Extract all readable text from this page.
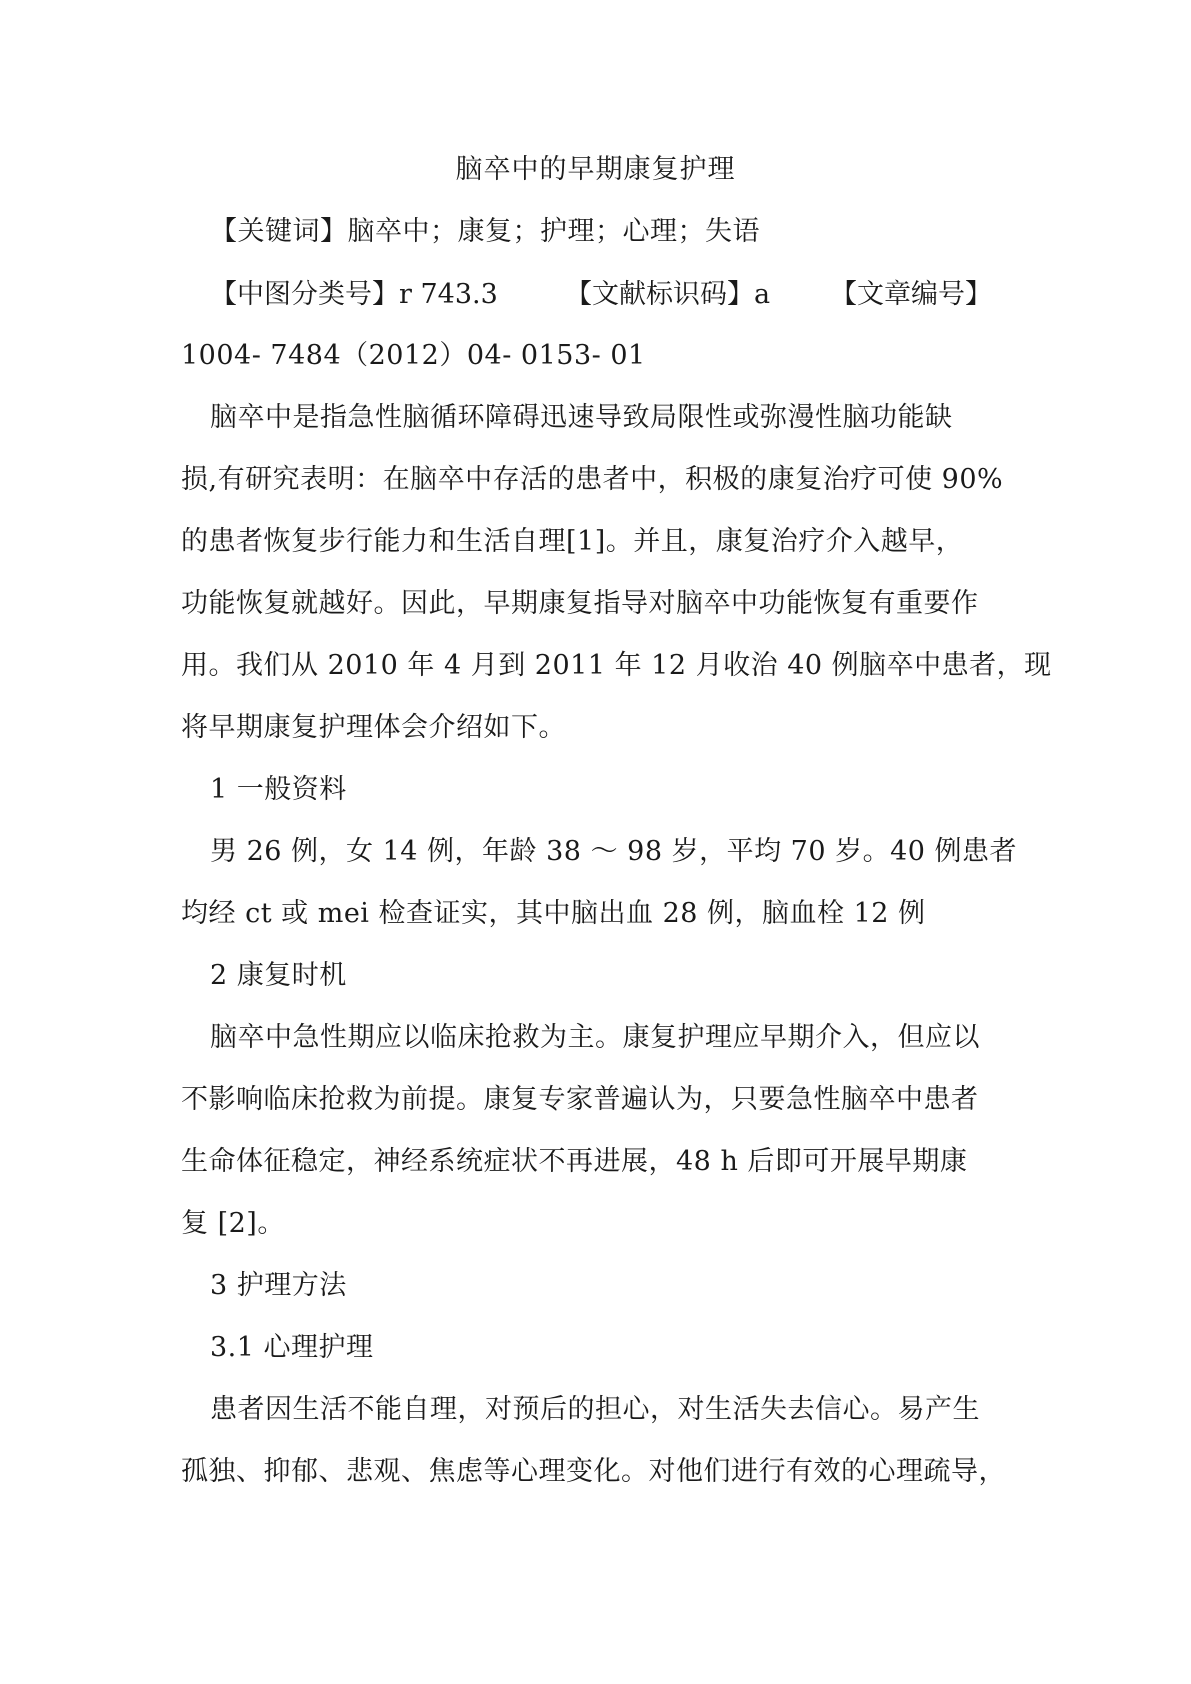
脑卒中的早期康复护理
【关键词】脑卒中；康复；护理；心理；失语
【中图分类号】r 743.3 【文献标识码】a 【文章编号】
1004- 7484（2012）04- 0153- 01
脑卒中是指急性脑循环障碍迅速导致局限性或弥漫性脑功能缺
损,有研究表明：在脑卒中存活的患者中，积极的康复治疗可使 90%
的患者恢复步行能力和生活自理[1]。并且，康复治疗介入越早，
功能恢复就越好。因此，早期康复指导对脑卒中功能恢复有重要作
用。我们从 2010 年 4 月到 2011 年 12 月收治 40 例脑卒中患者，现
将早期康复护理体会介绍如下。
1 一般资料
男 26 例，女 14 例，年龄 38 ～ 98 岁，平均 70 岁。40 例患者
均经 ct 或 mei 检查证实，其中脑出血 28 例，脑血栓 12 例
2 康复时机
脑卒中急性期应以临床抢救为主。康复护理应早期介入，但应以
不影响临床抢救为前提。康复专家普遍认为，只要急性脑卒中患者
生命体征稳定，神经系统症状不再进展，48 h 后即可开展早期康
复 [2]。
3 护理方法
3.1 心理护理
患者因生活不能自理，对预后的担心，对生活失去信心。易产生
孤独、抑郁、悲观、焦虑等心理变化。对他们进行有效的心理疏导，
